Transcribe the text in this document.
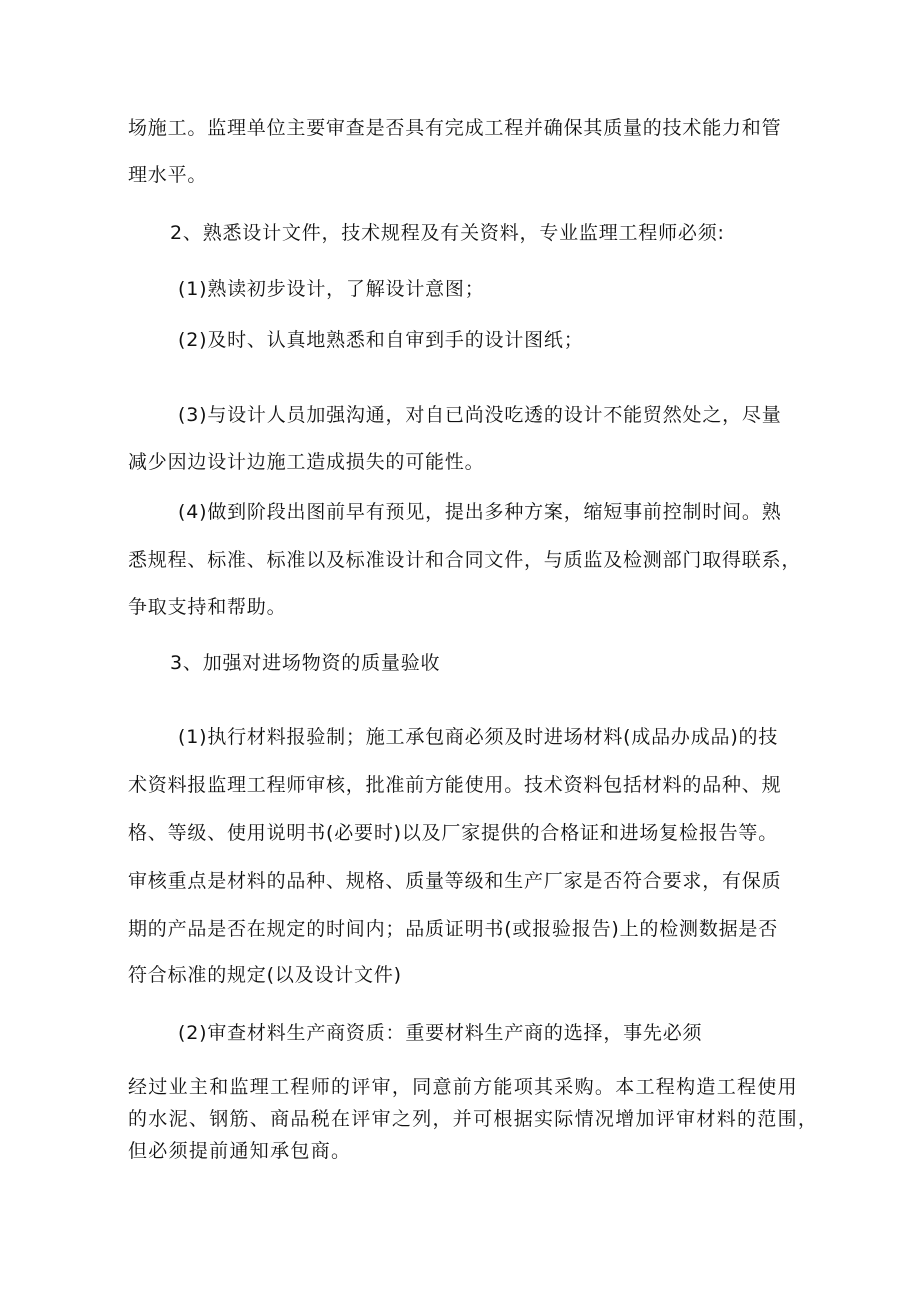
场施工。监理单位主要审查是否具有完成工程并确保其质量的技术能力和管
理水平。
2、熟悉设计文件，技术规程及有关资料，专业监理工程师必须:
(1)熟读初步设计，了解设计意图；
(2)及时、认真地熟悉和自审到手的设计图纸；
(3)与设计人员加强沟通，对自已尚没吃透的设计不能贸然处之，尽量
减少因边设计边施工造成损失的可能性。
(4)做到阶段出图前早有预见，提出多种方案，缩短事前控制时间。熟
悉规程、标准、标准以及标准设计和合同文件，与质监及检测部门取得联系，
争取支持和帮助。
3、加强对进场物资的质量验收
(1)执行材料报验制；施工承包商必须及时进场材料(成品办成品)的技
术资料报监理工程师审核，批准前方能使用。技术资料包括材料的品种、规
格、等级、使用说明书(必要时)以及厂家提供的合格证和进场复检报告等。
审核重点是材料的品种、规格、质量等级和生产厂家是否符合要求，有保质
期的产品是否在规定的时间内；品质证明书(或报验报告)上的检测数据是否
符合标准的规定(以及设计文件)
(2)审查材料生产商资质：重要材料生产商的选择，事先必须
经过业主和监理工程师的评审，同意前方能项其采购。本工程构造工程使用
的水泥、钢筋、商品税在评审之列，并可根据实际情况增加评审材料的范围，
但必须提前通知承包商。
